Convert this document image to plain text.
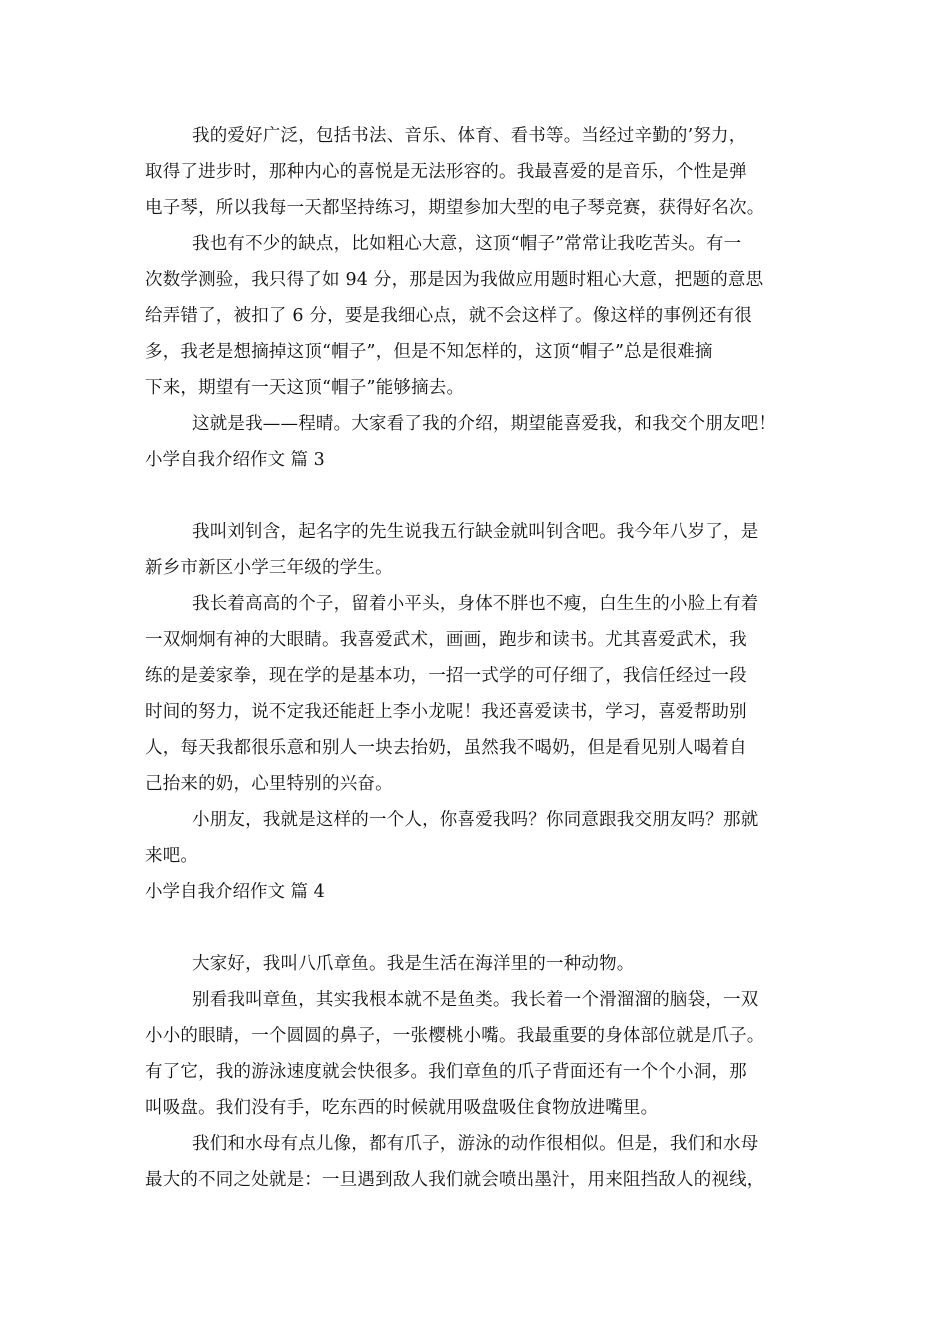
我的爱好广泛，包括书法、音乐、体育、看书等。当经过辛勤的’努力，
取得了进步时，那种内心的喜悦是无法形容的。我最喜爱的是音乐，个性是弹
电子琴，所以我每一天都坚持练习，期望参加大型的电子琴竞赛，获得好名次。
我也有不少的缺点，比如粗心大意，这顶“帽子”常常让我吃苦头。有一
次数学测验，我只得了如 94 分，那是因为我做应用题时粗心大意，把题的意思
给弄错了，被扣了 6 分，要是我细心点，就不会这样了。像这样的事例还有很
多，我老是想摘掉这顶“帽子”，但是不知怎样的，这顶“帽子”总是很难摘
下来，期望有一天这顶“帽子”能够摘去。
这就是我——程晴。大家看了我的介绍，期望能喜爱我，和我交个朋友吧！
小学自我介绍作文 篇 3
我叫刘钊含，起名字的先生说我五行缺金就叫钊含吧。我今年八岁了，是
新乡市新区小学三年级的学生。
我长着高高的个子，留着小平头，身体不胖也不瘦，白生生的小脸上有着
一双炯炯有神的大眼睛。我喜爱武术，画画，跑步和读书。尤其喜爱武术，我
练的是姜家拳，现在学的是基本功，一招一式学的可仔细了，我信任经过一段
时间的努力，说不定我还能赶上李小龙呢！我还喜爱读书，学习，喜爱帮助别
人，每天我都很乐意和别人一块去抬奶，虽然我不喝奶，但是看见别人喝着自
己抬来的奶，心里特别的兴奋。
小朋友，我就是这样的一个人，你喜爱我吗？你同意跟我交朋友吗？那就
来吧。
小学自我介绍作文 篇 4
大家好，我叫八爪章鱼。我是生活在海洋里的一种动物。
别看我叫章鱼，其实我根本就不是鱼类。我长着一个滑溜溜的脑袋，一双
小小的眼睛，一个圆圆的鼻子，一张樱桃小嘴。我最重要的身体部位就是爪子。
有了它，我的游泳速度就会快很多。我们章鱼的爪子背面还有一个个小洞，那
叫吸盘。我们没有手，吃东西的时候就用吸盘吸住食物放进嘴里。
我们和水母有点儿像，都有爪子，游泳的动作很相似。但是，我们和水母
最大的不同之处就是：一旦遇到敌人我们就会喷出墨汁，用来阻挡敌人的视线，
